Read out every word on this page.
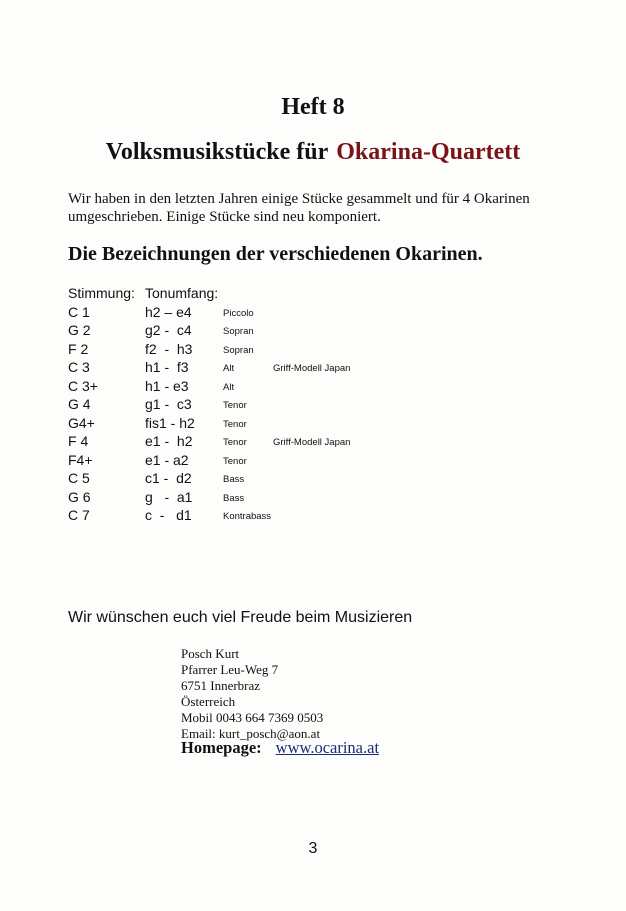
Heft 8
Volksmusikstücke für Okarina-Quartett
Wir haben in den letzten Jahren einige Stücke gesammelt und für 4 Okarinen umgeschrieben. Einige Stücke sind neu komponiert.
Die Bezeichnungen der verschiedenen Okarinen.
Stimmung: Tonumfang:
C 1	h2 – e4	Piccolo
G 2	g2 -  c4	Sopran
F 2	f2  -  h3	Sopran
C 3	h1 -  f3	Alt	Griff-Modell Japan
C 3+	h1 - e3	Alt
G 4	g1 -  c3	Tenor
G4+	fis1 - h2	Tenor
F 4	e1 -  h2	Tenor	Griff-Modell Japan
F4+	e1 - a2	Tenor
C 5	c1 -  d2	Bass
G 6	g   -  a1	Bass
C 7	c  -   d1	Kontrabass
Wir wünschen euch viel Freude beim Musizieren
Posch Kurt
Pfarrer Leu-Weg 7
6751 Innerbraz
Österreich
Mobil 0043 664 7369 0503
Email: kurt_posch@aon.at
Homepage: www.ocarina.at
3
